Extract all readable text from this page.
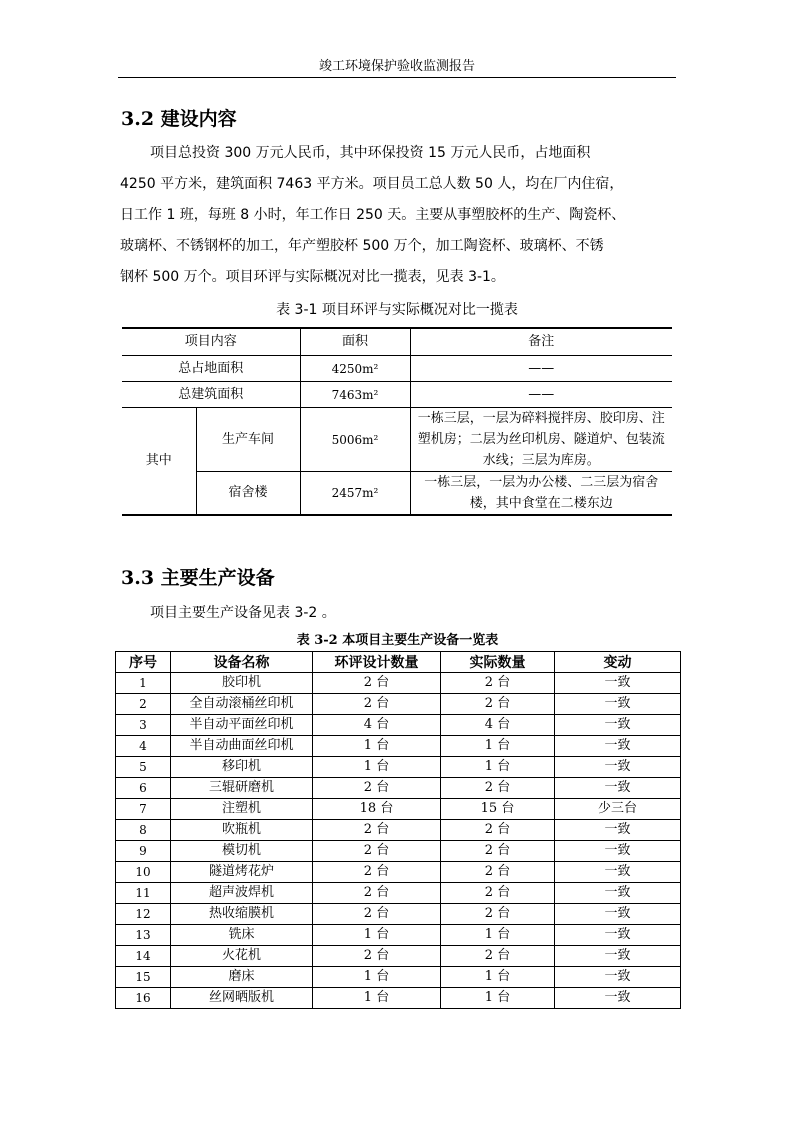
竣工环境保护验收监测报告
3.2 建设内容
项目总投资 300 万元人民币，其中环保投资 15 万元人民币，占地面积
4250 平方米，建筑面积 7463 平方米。项目员工总人数 50 人，均在厂内住宿，
日工作 1 班，每班 8 小时，年工作日 250 天。主要从事塑胶杯的生产、陶瓷杯、
玻璃杯、不锈钢杯的加工，年产塑胶杯 500 万个，加工陶瓷杯、玻璃杯、不锈
钢杯 500 万个。项目环评与实际概况对比一揽表，见表 3-1。
表 3-1 项目环评与实际概况对比一揽表
项目内容		面积	备注
总占地面积		4250m²	——
总建筑面积		7463m²	——
其中	生产车间	5006m²	一栋三层，一层为碎料搅拌房、胶印房、注塑机房；二层为丝印机房、隧道炉、包装流水线；三层为库房。
	宿舍楼	2457m²	一栋三层，一层为办公楼、二三层为宿舍楼，其中食堂在二楼东边
3.3 主要生产设备
项目主要生产设备见表 3-2 。
表 3-2 本项目主要生产设备一览表
序号	设备名称	环评设计数量	实际数量	变动
1	胶印机	2 台	2 台	一致
2	全自动滚桶丝印机	2 台	2 台	一致
3	半自动平面丝印机	4 台	4 台	一致
4	半自动曲面丝印机	1 台	1 台	一致
5	移印机	1 台	1 台	一致
6	三辊研磨机	2 台	2 台	一致
7	注塑机	18 台	15 台	少三台
8	吹瓶机	2 台	2 台	一致
9	模切机	2 台	2 台	一致
10	隧道烤花炉	2 台	2 台	一致
11	超声波焊机	2 台	2 台	一致
12	热收缩膜机	2 台	2 台	一致
13	铣床	1 台	1 台	一致
14	火花机	2 台	2 台	一致
15	磨床	1 台	1 台	一致
16	丝网晒版机	1 台	1 台	一致
